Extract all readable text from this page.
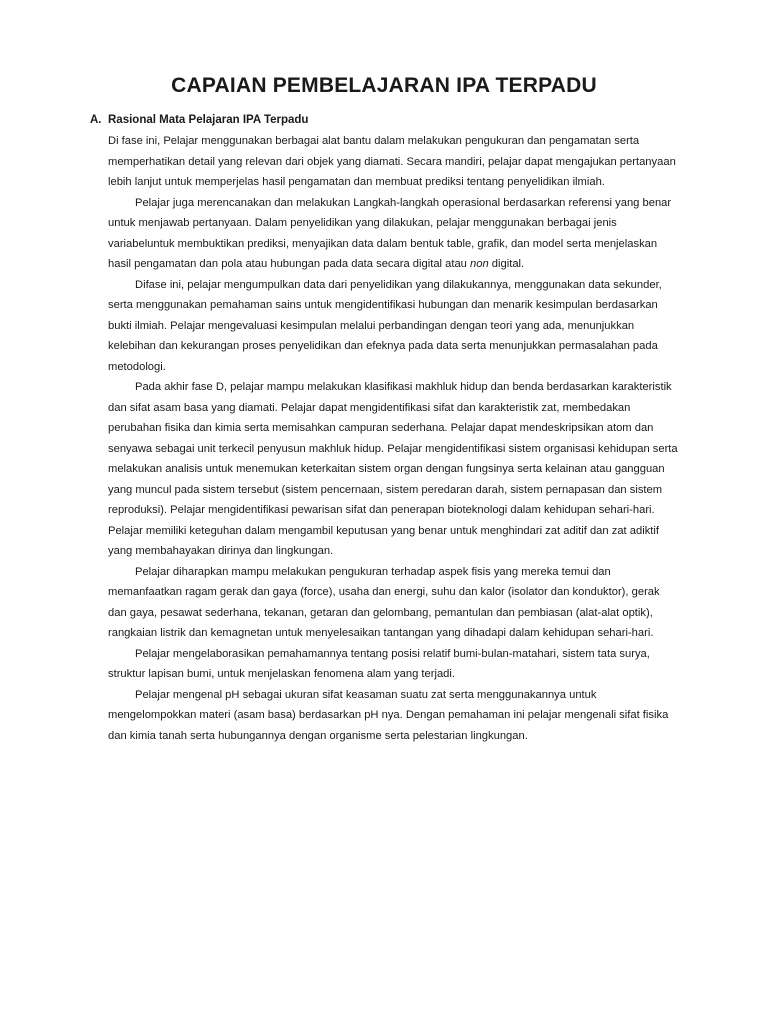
CAPAIAN PEMBELAJARAN IPA TERPADU
A. Rasional Mata Pelajaran IPA Terpadu

Di fase ini, Pelajar menggunakan berbagai alat bantu dalam melakukan pengukuran dan pengamatan serta memperhatikan detail yang relevan dari objek yang diamati. Secara mandiri, pelajar dapat mengajukan pertanyaan lebih lanjut untuk memperjelas hasil pengamatan dan membuat prediksi tentang penyelidikan ilmiah.

Pelajar juga merencanakan dan melakukan Langkah-langkah operasional berdasarkan referensi yang benar untuk menjawab pertanyaan. Dalam penyelidikan yang dilakukan, pelajar menggunakan berbagai jenis variabeluntuk membuktikan prediksi, menyajikan data dalam bentuk table, grafik, dan model serta menjelaskan hasil pengamatan dan pola atau hubungan pada data secara digital atau non digital.

Difase ini, pelajar mengumpulkan data dari penyelidikan yang dilakukannya, menggunakan data sekunder, serta menggunakan pemahaman sains untuk mengidentifikasi hubungan dan menarik kesimpulan berdasarkan bukti ilmiah. Pelajar mengevaluasi kesimpulan melalui perbandingan dengan teori yang ada, menunjukkan kelebihan dan kekurangan proses penyelidikan dan efeknya pada data serta menunjukkan permasalahan pada metodologi.

Pada akhir fase D, pelajar mampu melakukan klasifikasi makhluk hidup dan benda berdasarkan karakteristik dan sifat asam basa yang diamati. Pelajar dapat mengidentifikasi sifat dan karakteristik zat, membedakan perubahan fisika dan kimia serta memisahkan campuran sederhana. Pelajar dapat mendeskripsikan atom dan senyawa sebagai unit terkecil penyusun makhluk hidup. Pelajar mengidentifikasi sistem organisasi kehidupan serta melakukan analisis untuk menemukan keterkaitan sistem organ dengan fungsinya serta kelainan atau gangguan yang muncul pada sistem tersebut (sistem pencernaan, sistem peredaran darah, sistem pernapasan dan sistem reproduksi). Pelajar mengidentifikasi pewarisan sifat dan penerapan bioteknologi dalam kehidupan sehari-hari. Pelajar memiliki keteguhan dalam mengambil keputusan yang benar untuk menghindari zat aditif dan zat adiktif yang membahayakan dirinya dan lingkungan.

Pelajar diharapkan mampu melakukan pengukuran terhadap aspek fisis yang mereka temui dan memanfaatkan ragam gerak dan gaya (force), usaha dan energi, suhu dan kalor (isolator dan konduktor), gerak dan gaya, pesawat sederhana, tekanan, getaran dan gelombang, pemantulan dan pembiasan (alat-alat optik), rangkaian listrik dan kemagnetan untuk menyelesaikan tantangan yang dihadapi dalam kehidupan sehari-hari.

Pelajar mengelaborasikan pemahamannya tentang posisi relatif bumi-bulan-matahari, sistem tata surya, struktur lapisan bumi, untuk menjelaskan fenomena alam yang terjadi.

Pelajar mengenal pH sebagai ukuran sifat keasaman suatu zat serta menggunakannya untuk mengelompokkan materi (asam basa) berdasarkan pH nya. Dengan pemahaman ini pelajar mengenali sifat fisika dan kimia tanah serta hubungannya dengan organisme serta pelestarian lingkungan.
